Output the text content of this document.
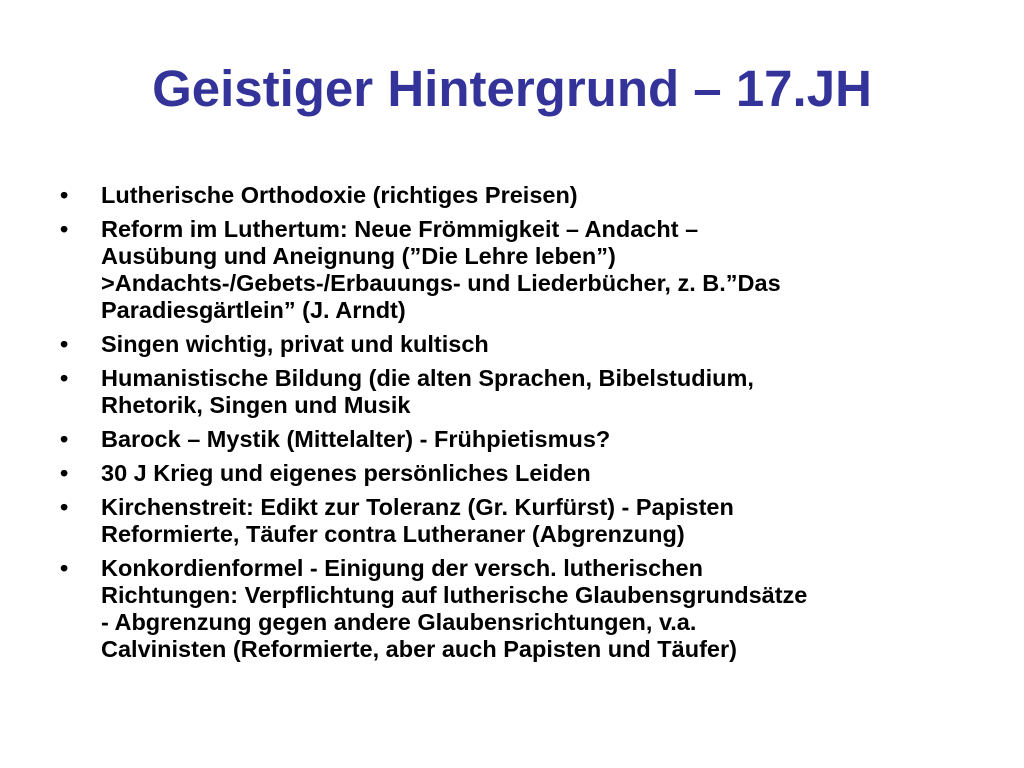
Geistiger Hintergrund – 17.JH
•	Lutherische Orthodoxie (richtiges Preisen)
•	Reform im Luthertum: Neue Frömmigkeit – Andacht –
Ausübung und Aneignung (”Die Lehre leben”)
>Andachts-/Gebets-/Erbauungs- und Liederbücher, z. B.”Das
Paradiesgärtlein” (J. Arndt)
•	Singen wichtig, privat und kultisch
•	Humanistische Bildung (die alten Sprachen, Bibelstudium,
Rhetorik, Singen und Musik
•	Barock – Mystik (Mittelalter) - Frühpietismus?
•	30 J Krieg und eigenes persönliches Leiden
•	Kirchenstreit: Edikt zur Toleranz (Gr. Kurfürst) - Papisten
Reformierte, Täufer contra Lutheraner (Abgrenzung)
•	Konkordienformel - Einigung der versch. lutherischen
Richtungen: Verpflichtung auf lutherische Glaubensgrundsätze
- Abgrenzung gegen andere Glaubensrichtungen, v.a.
Calvinisten (Reformierte, aber auch Papisten und Täufer)
